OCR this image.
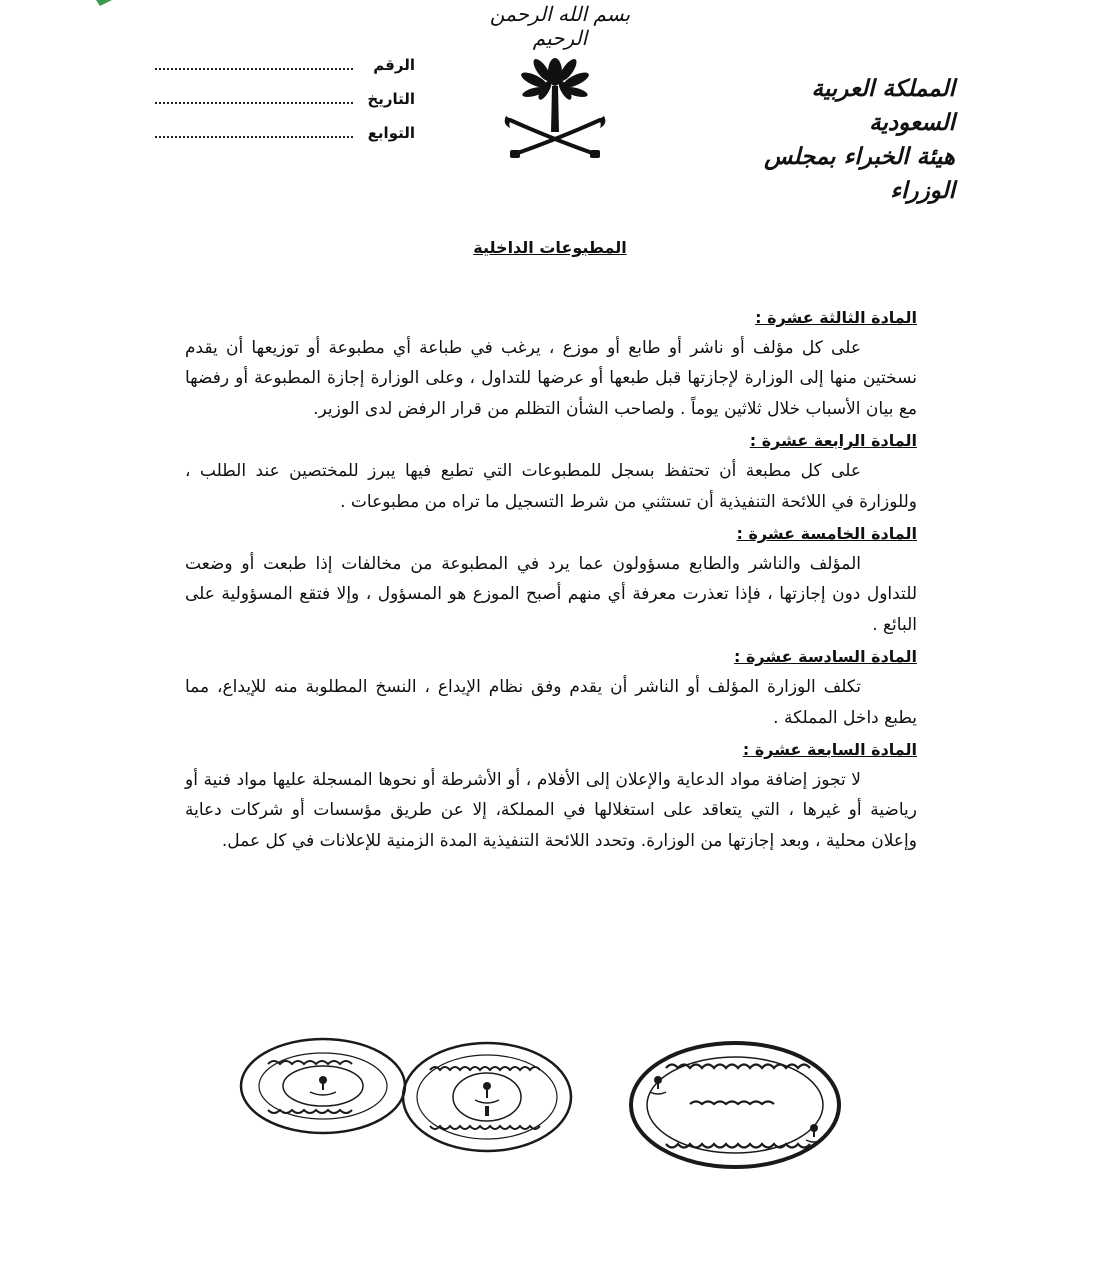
بسم الله الرحمن الرحيم
الرقم
التاريخ
التوابع
المملكة العربية السعودية
هيئة الخبراء بمجلس الوزراء
المطبوعات الداخلية
المادة الثالثة عشرة :

على كل مؤلف أو ناشر أو طابع أو موزع ، يرغب في طباعة أي مطبوعة أو توزيعها أن يقدم نسختين منها إلى الوزارة لإجازتها قبل طبعها أو عرضها للتداول ، وعلى الوزارة إجازة المطبوعة أو رفضها مع بيان الأسباب خلال ثلاثين يوماً . ولصاحب الشأن التظلم من قرار الرفض لدى الوزير.

المادة الرابعة عشرة :

على كل مطبعة أن تحتفظ بسجل للمطبوعات التي تطبع فيها يبرز للمختصين عند الطلب ، وللوزارة في اللائحة التنفيذية أن تستثني من شرط التسجيل ما تراه من مطبوعات .

المادة الخامسة عشرة :

المؤلف والناشر والطابع مسؤولون عما يرد في المطبوعة من مخالفات إذا طبعت أو وضعت للتداول دون إجازتها ، فإذا تعذرت معرفة أي منهم أصبح الموزع هو المسؤول ، وإلا فتقع المسؤولية على البائع .

المادة السادسة عشرة :

تكلف الوزارة المؤلف أو الناشر أن يقدم وفق نظام الإيداع ، النسخ المطلوبة منه للإيداع، مما يطبع داخل المملكة .

المادة السابعة عشرة :

لا تجوز إضافة مواد الدعاية والإعلان إلى الأفلام ، أو الأشرطة أو نحوها المسجلة عليها مواد فنية أو رياضية أو غيرها ، التي يتعاقد على استغلالها في المملكة، إلا عن طريق مؤسسات أو شركات دعاية وإعلان محلية ، وبعد إجازتها من الوزارة. وتحدد اللائحة التنفيذية المدة الزمنية للإعلانات في كل عمل.
